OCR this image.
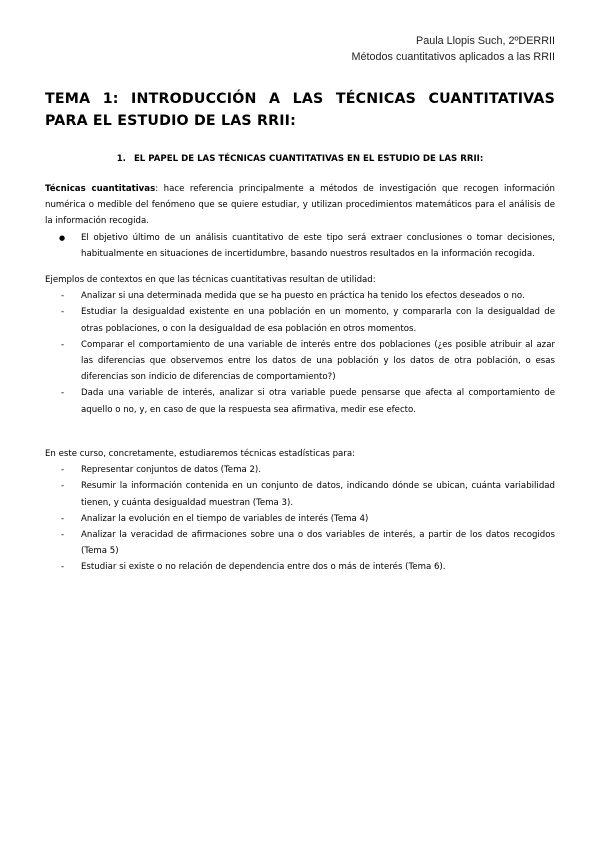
Paula Llopis Such, 2ºDERRII
Métodos cuantitativos aplicados a las RRII
TEMA 1: INTRODUCCIÓN A LAS TÉCNICAS CUANTITATIVAS PARA EL ESTUDIO DE LAS RRII:
1. EL PAPEL DE LAS TÉCNICAS CUANTITATIVAS EN EL ESTUDIO DE LAS RRII:

Técnicas cuantitativas: hace referencia principalmente a métodos de investigación que recogen información numérica o medible del fenómeno que se quiere estudiar, y utilizan procedimientos matemáticos para el análisis de la información recogida.

● El objetivo último de un análisis cuantitativo de este tipo será extraer conclusiones o tomar decisiones, habitualmente en situaciones de incertidumbre, basando nuestros resultados en la información recogida.

Ejemplos de contextos en que las técnicas cuantitativas resultan de utilidad:

- Analizar si una determinada medida que se ha puesto en práctica ha tenido los efectos deseados o no.
- Estudiar la desigualdad existente en una población en un momento, y compararla con la desigualdad de otras poblaciones, o con la desigualdad de esa población en otros momentos.
- Comparar el comportamiento de una variable de interés entre dos poblaciones (¿es posible atribuir al azar las diferencias que observemos entre los datos de una población y los datos de otra población, o esas diferencias son indicio de diferencias de comportamiento?)
- Dada una variable de interés, analizar si otra variable puede pensarse que afecta al comportamiento de aquello o no, y, en caso de que la respuesta sea afirmativa, medir ese efecto.

En este curso, concretamente, estudiaremos técnicas estadísticas para:

- Representar conjuntos de datos (Tema 2).
- Resumir la información contenida en un conjunto de datos, indicando dónde se ubican, cuánta variabilidad tienen, y cuánta desigualdad muestran (Tema 3).
- Analizar la evolución en el tiempo de variables de interés (Tema 4)
- Analizar la veracidad de afirmaciones sobre una o dos variables de interés, a partir de los datos recogidos (Tema 5)
- Estudiar si existe o no relación de dependencia entre dos o más de interés (Tema 6).
